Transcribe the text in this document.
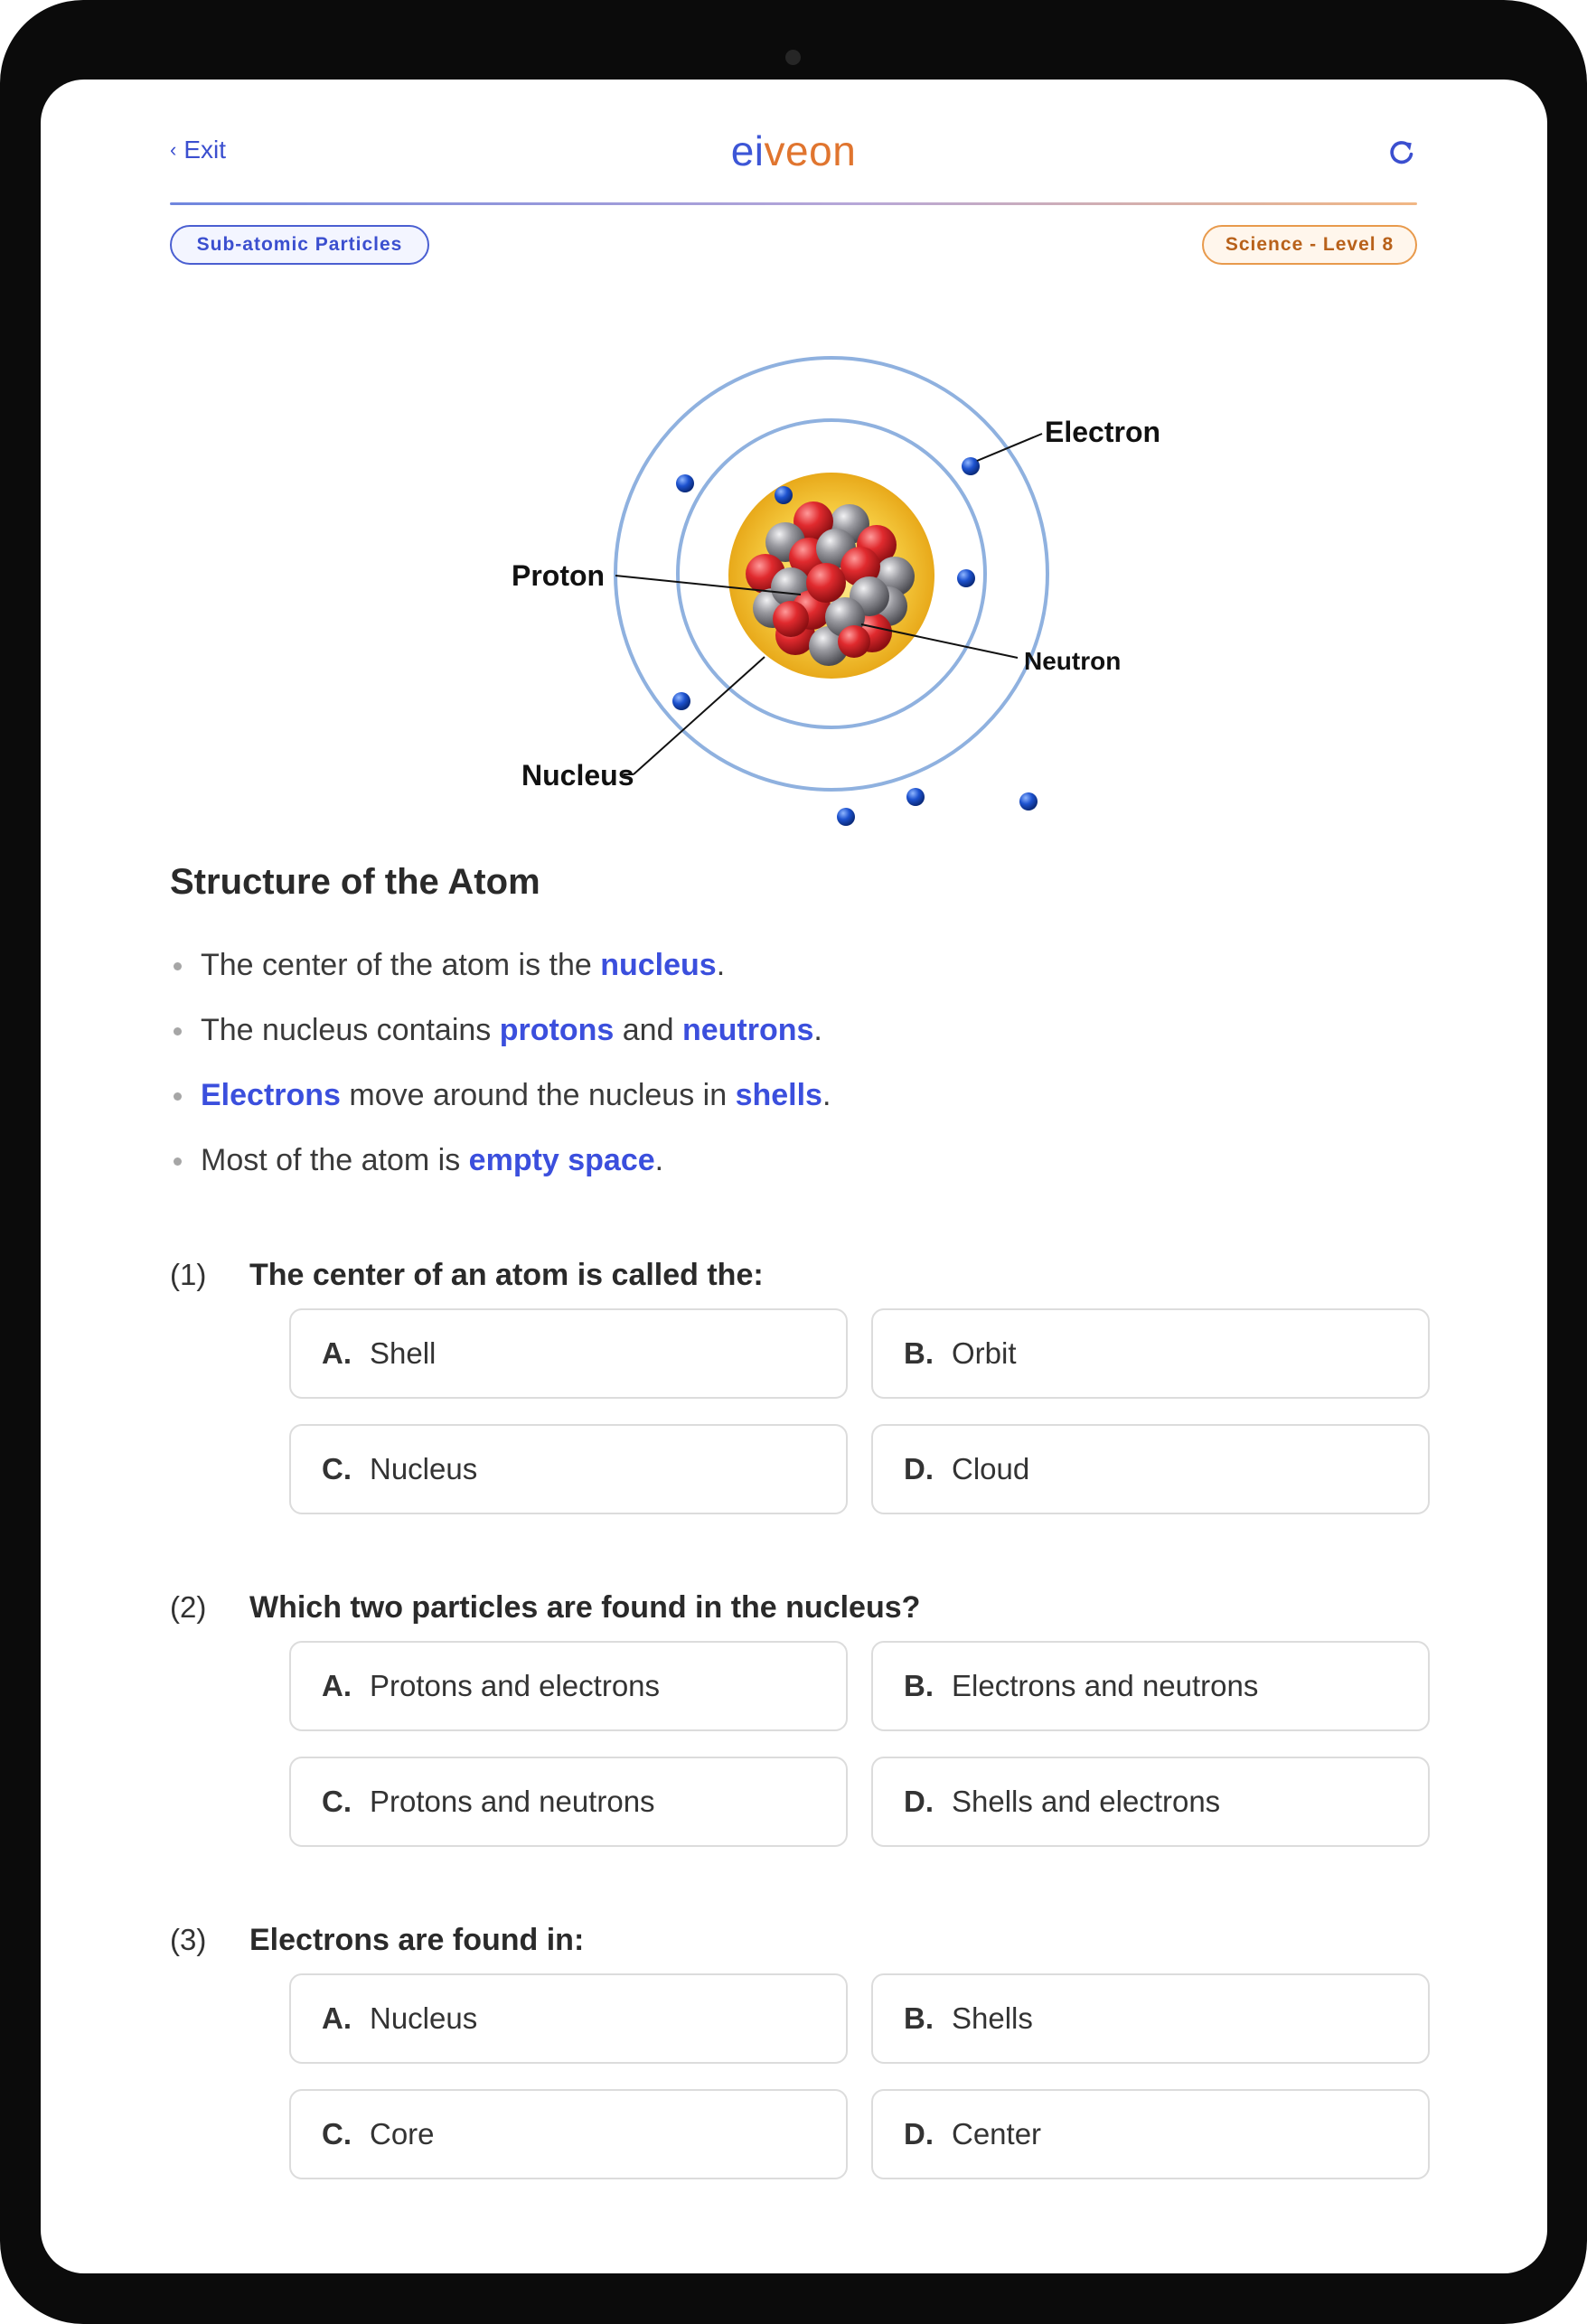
‹ Exit	eiveon
Sub-atomic Particles	Science - Level 8
Electron
Proton
Neutron
Nucleus
Structure of the Atom
The center of the atom is the nucleus.
The nucleus contains protons and neutrons.
Electrons move around the nucleus in shells.
Most of the atom is empty space.
(1) The center of an atom is called the:
A. Shell	B. Orbit
C. Nucleus	D. Cloud
(2) Which two particles are found in the nucleus?
A. Protons and electrons	B. Electrons and neutrons
C. Protons and neutrons	D. Shells and electrons
(3) Electrons are found in:
A. Nucleus	B. Shells
C. Core	D. Center
